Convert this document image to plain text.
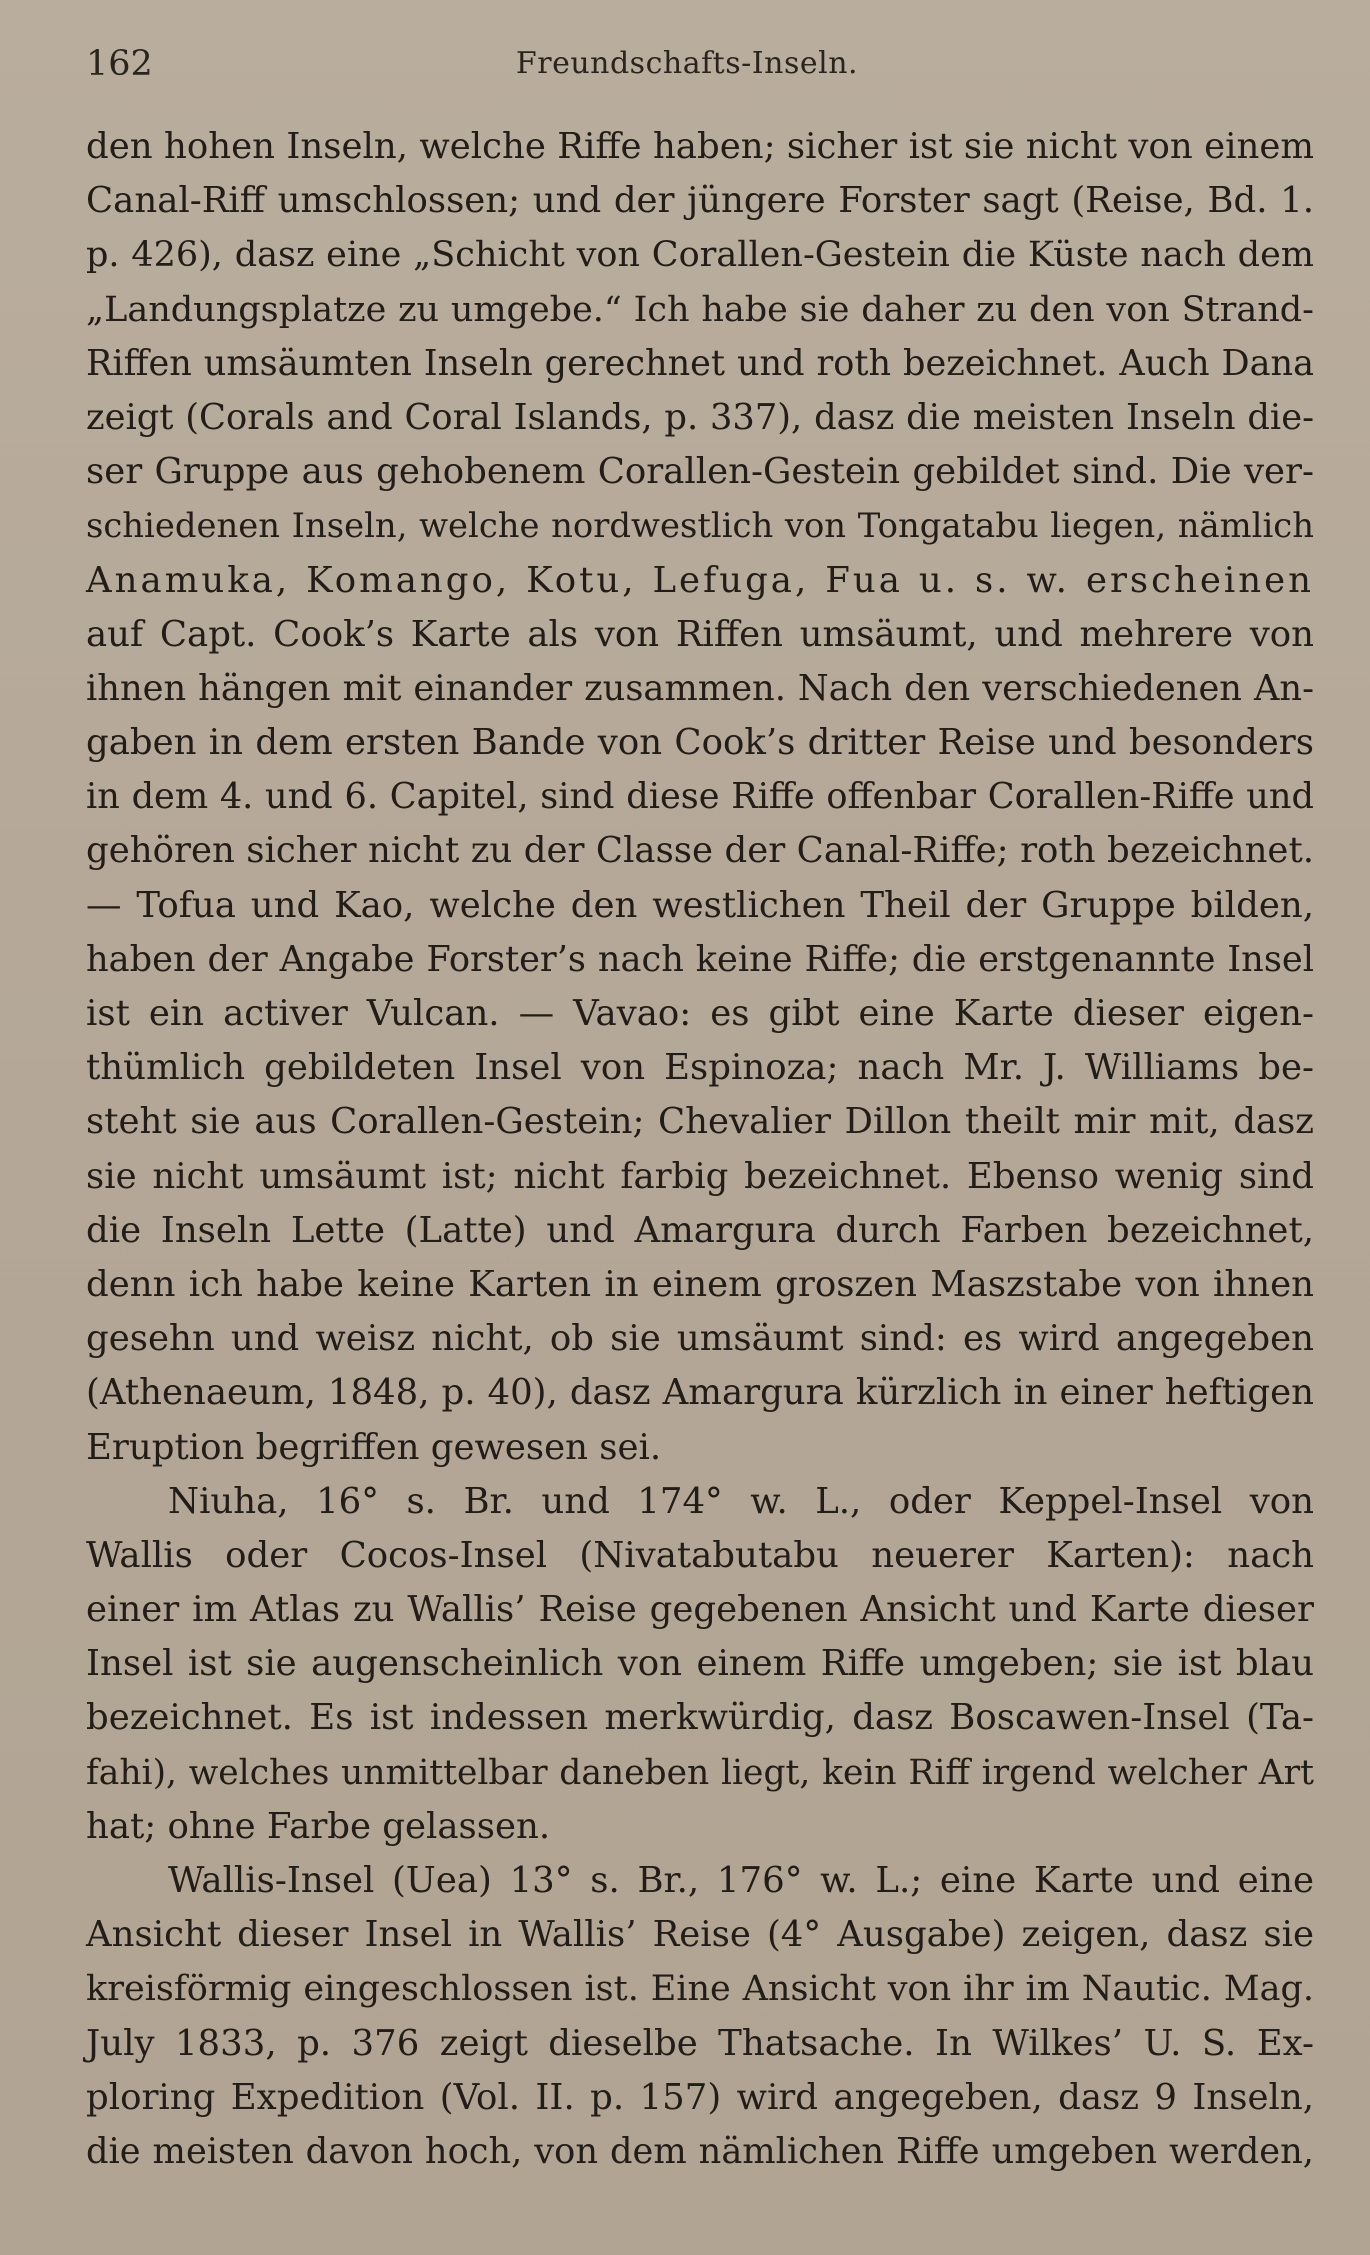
162	Freundschafts-Inseln.
den hohen Inseln, welche Riffe haben; sicher ist sie nicht von einem
Canal-Riff umschlossen; und der jüngere Forster sagt (Reise, Bd. 1.
p. 426), dasz eine „Schicht von Corallen-Gestein die Küste nach dem
„Landungsplatze zu umgebe.“ Ich habe sie daher zu den von Strand-
Riffen umsäumten Inseln gerechnet und roth bezeichnet. Auch Dana
zeigt (Corals and Coral Islands, p. 337), dasz die meisten Inseln die-
ser Gruppe aus gehobenem Corallen-Gestein gebildet sind. Die ver-
schiedenen Inseln, welche nordwestlich von Tongatabu liegen, nämlich
Anamuka, Komango, Kotu, Lefuga, Fua u. s. w. erscheinen
auf Capt. Cook’s Karte als von Riffen umsäumt, und mehrere von
ihnen hängen mit einander zusammen. Nach den verschiedenen An-
gaben in dem ersten Bande von Cook’s dritter Reise und besonders
in dem 4. und 6. Capitel, sind diese Riffe offenbar Corallen-Riffe und
gehören sicher nicht zu der Classe der Canal-Riffe; roth bezeichnet.
— Tofua und Kao, welche den westlichen Theil der Gruppe bilden,
haben der Angabe Forster’s nach keine Riffe; die erstgenannte Insel
ist ein activer Vulcan. — Vavao: es gibt eine Karte dieser eigen-
thümlich gebildeten Insel von Espinoza; nach Mr. J. Williams be-
steht sie aus Corallen-Gestein; Chevalier Dillon theilt mir mit, dasz
sie nicht umsäumt ist; nicht farbig bezeichnet. Ebenso wenig sind
die Inseln Lette (Latte) und Amargura durch Farben bezeichnet,
denn ich habe keine Karten in einem groszen Maszstabe von ihnen
gesehn und weisz nicht, ob sie umsäumt sind: es wird angegeben
(Athenaeum, 1848, p. 40), dasz Amargura kürzlich in einer heftigen
Eruption begriffen gewesen sei.
Niuha, 16° s. Br. und 174° w. L., oder Keppel-Insel von
Wallis oder Cocos-Insel (Nivatabutabu neuerer Karten): nach
einer im Atlas zu Wallis’ Reise gegebenen Ansicht und Karte dieser
Insel ist sie augenscheinlich von einem Riffe umgeben; sie ist blau
bezeichnet. Es ist indessen merkwürdig, dasz Boscawen-Insel (Ta-
fahi), welches unmittelbar daneben liegt, kein Riff irgend welcher Art
hat; ohne Farbe gelassen.
Wallis-Insel (Uea) 13° s. Br., 176° w. L.; eine Karte und eine
Ansicht dieser Insel in Wallis’ Reise (4° Ausgabe) zeigen, dasz sie
kreisförmig eingeschlossen ist. Eine Ansicht von ihr im Nautic. Mag.
July 1833, p. 376 zeigt dieselbe Thatsache. In Wilkes’ U. S. Ex-
ploring Expedition (Vol. II. p. 157) wird angegeben, dasz 9 Inseln,
die meisten davon hoch, von dem nämlichen Riffe umgeben werden,
